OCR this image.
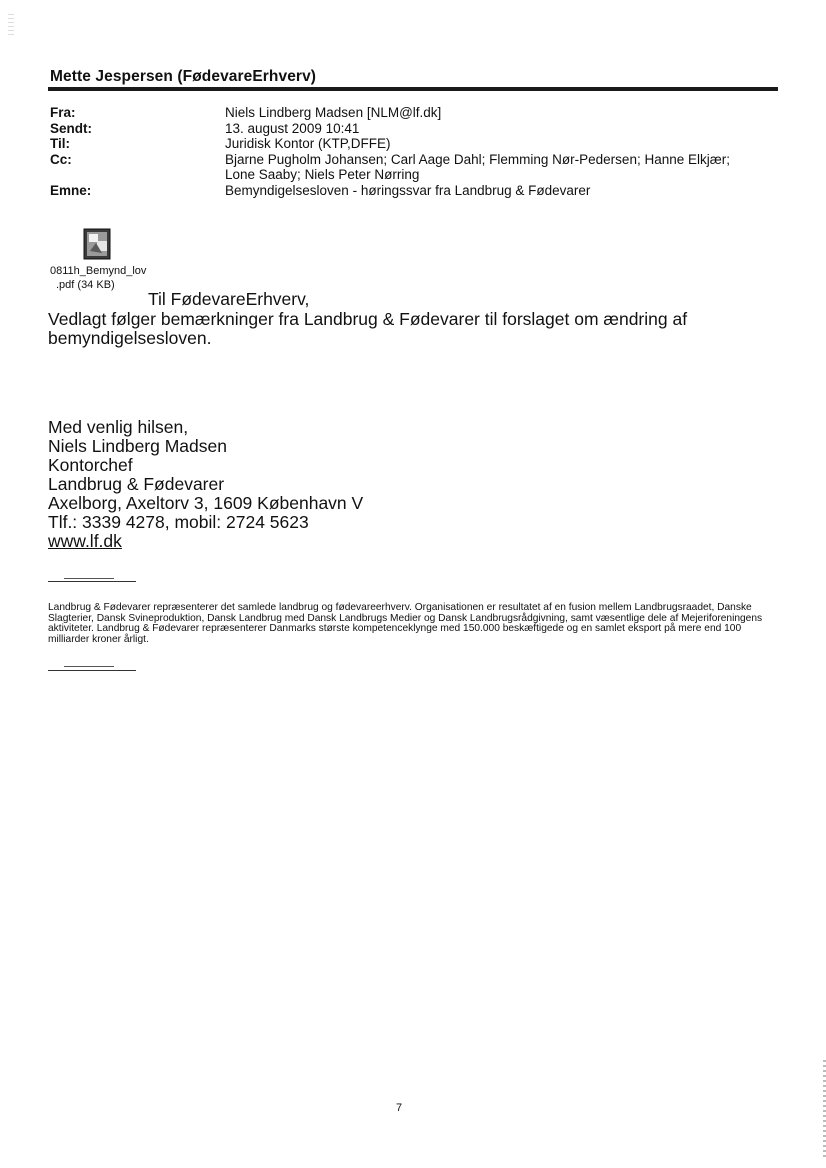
Mette Jespersen (FødevareErhverv)
Fra:	Niels Lindberg Madsen [NLM@lf.dk]
Sendt:	13. august 2009 10:41
Til:	Juridisk Kontor (KTP,DFFE)
Cc:	Bjarne Pugholm Johansen; Carl Aage Dahl; Flemming Nør-Pedersen; Hanne Elkjær;
Lone Saaby; Niels Peter Nørring
Emne:	Bemyndigelsesloven - høringssvar fra Landbrug & Fødevarer
0811h_Bemynd_lov
.pdf (34 KB)
Til FødevareErhverv,
Vedlagt følger bemærkninger fra Landbrug & Fødevarer til forslaget om ændring af bemyndigelsesloven.
Med venlig hilsen,
Niels Lindberg Madsen
Kontorchef
Landbrug & Fødevarer
Axelborg, Axeltorv 3, 1609 København V
Tlf.: 3339 4278, mobil: 2724 5623
www.lf.dk
Landbrug & Fødevarer repræsenterer det samlede landbrug og fødevareerhverv. Organisationen er resultatet af en fusion mellem Landbrugsraadet, Danske Slagterier, Dansk Svineproduktion, Dansk Landbrug med Dansk Landbrugs Medier og Dansk Landbrugsrådgivning, samt væsentlige dele af Mejeriforeningens aktiviteter. Landbrug & Fødevarer repræsenterer Danmarks største kompetenceklynge med 150.000 beskæftigede og en samlet eksport på mere end 100 milliarder kroner årligt.
7
